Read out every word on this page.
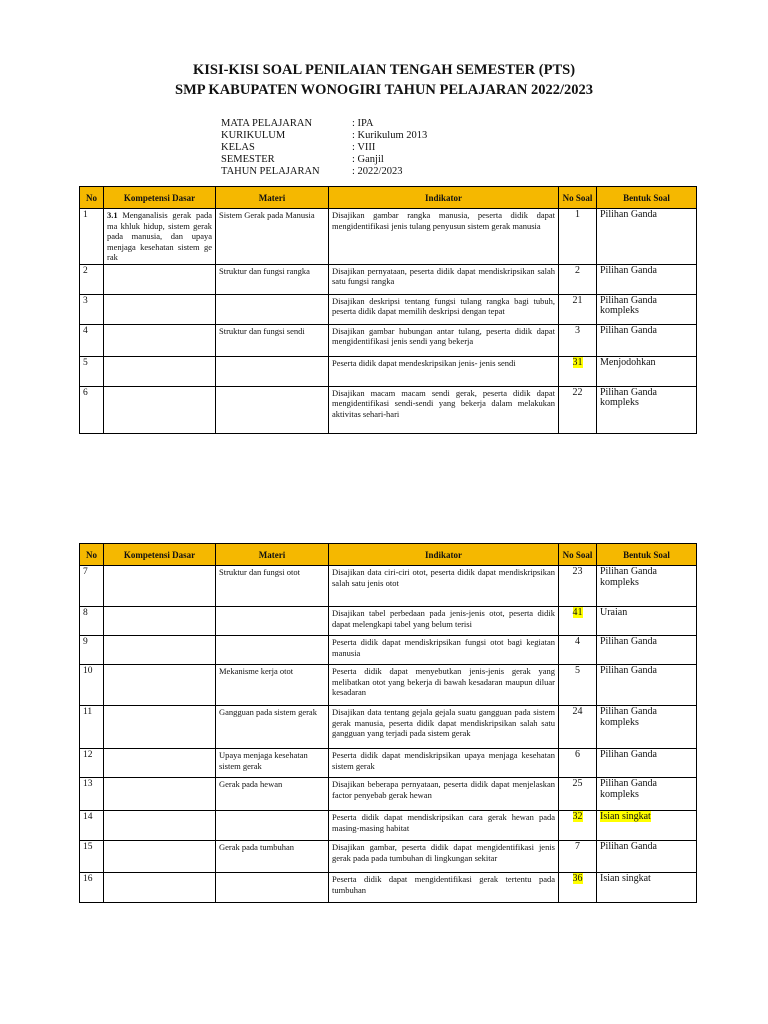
KISI-KISI SOAL PENILAIAN TENGAH SEMESTER (PTS)
SMP KABUPATEN WONOGIRI TAHUN PELAJARAN 2022/2023
MATA PELAJARAN	: IPA
KURIKULUM	: Kurikulum 2013
KELAS	: VIII
SEMESTER	: Ganjil
TAHUN PELAJARAN	: 2022/2023
No	Kompetensi Dasar	Materi	Indikator	No Soal	Bentuk Soal
1	3.1 Menganalisis gerak pada ma khluk hidup, sistem gerak pada manusia, dan upaya menjaga kesehatan sistem ge rak	Sistem Gerak pada Manusia	Disajikan gambar rangka manusia, peserta didik dapat mengidentifikasi jenis tulang penyusun sistem gerak manusia	1	Pilihan Ganda
2		Struktur dan fungsi rangka	Disajikan pernyataan, peserta didik dapat mendiskripsikan salah satu fungsi rangka	2	Pilihan Ganda
3			Disajikan deskripsi tentang fungsi tulang rangka bagi tubuh, peserta didik dapat memilih deskripsi dengan tepat	21	Pilihan Ganda kompleks
4		Struktur dan fungsi sendi	Disajikan gambar hubungan antar tulang, peserta didik dapat mengidentifikasi jenis sendi yang bekerja	3	Pilihan Ganda
5			Peserta didik dapat mendeskripsikan jenis- jenis sendi	31	Menjodohkan
6			Disajikan macam macam sendi gerak, peserta didik dapat mengidentifikasi sendi-sendi yang bekerja dalam melakukan aktivitas sehari-hari	22	Pilihan Ganda kompleks
No	Kompetensi Dasar	Materi	Indikator	No Soal	Bentuk Soal
7		Struktur dan fungsi otot	Disajikan data ciri-ciri otot, peserta didik dapat mendiskripsikan salah satu jenis otot	23	Pilihan Ganda kompleks
8			Disajikan tabel perbedaan pada jenis-jenis otot, peserta didik dapat melengkapi tabel yang belum terisi	41	Uraian
9			Peserta didik dapat mendiskripsikan fungsi otot bagi kegiatan manusia	4	Pilihan Ganda
10		Mekanisme kerja otot	Peserta didik dapat menyebutkan jenis-jenis gerak yang melibatkan otot yang bekerja di bawah kesadaran maupun diluar kesadaran	5	Pilihan Ganda
11		Gangguan pada sistem gerak	Disajikan data tentang gejala gejala suatu gangguan pada sistem gerak manusia, peserta didik dapat mendiskripsikan salah satu gangguan yang terjadi pada sistem gerak	24	Pilihan Ganda kompleks
12		Upaya menjaga kesehatan sistem gerak	Peserta didik dapat mendiskripsikan upaya menjaga kesehatan sistem gerak	6	Pilihan Ganda
13		Gerak pada hewan	Disajikan beberapa pernyataan, peserta didik dapat menjelaskan factor penyebab gerak hewan	25	Pilihan Ganda kompleks
14			Peserta didik dapat mendiskripsikan cara gerak hewan pada masing-masing habitat	32	Isian singkat
15		Gerak pada tumbuhan	Disajikan gambar, peserta didik dapat mengidentifikasi jenis gerak pada pada tumbuhan di lingkungan sekitar	7	Pilihan Ganda
16			Peserta didik dapat mengidentifikasi gerak tertentu pada tumbuhan	36	Isian singkat
